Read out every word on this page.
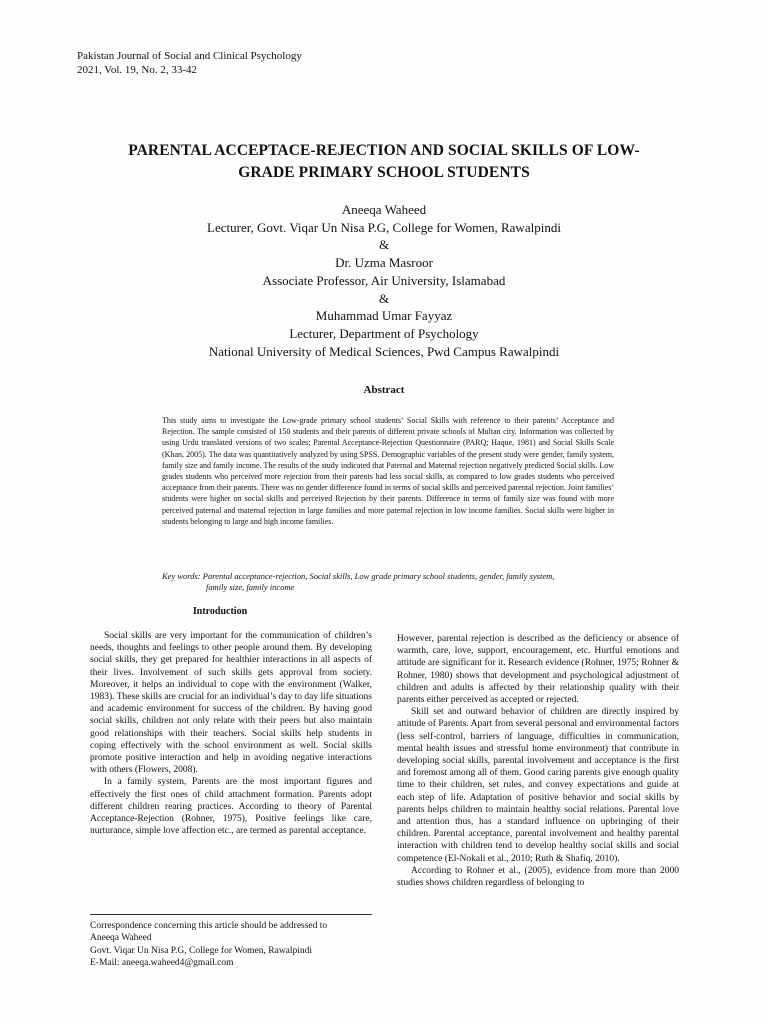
Pakistan Journal of Social and Clinical Psychology
2021, Vol. 19, No. 2, 33-42
PARENTAL ACCEPTACE-REJECTION AND SOCIAL SKILLS OF LOW-
GRADE PRIMARY SCHOOL STUDENTS
Aneeqa Waheed
Lecturer, Govt. Viqar Un Nisa P.G, College for Women, Rawalpindi
&
Dr. Uzma Masroor
Associate Professor, Air University, Islamabad
&
Muhammad Umar Fayyaz
Lecturer, Department of Psychology
National University of Medical Sciences, Pwd Campus Rawalpindi
Abstract
This study aims to investigate the Low-grade primary school students’ Social Skills with reference to their parents’ Acceptance and Rejection. The sample consisted of 150 students and their parents of different private schools of Multan city. Information was collected by using Urdu translated versions of two scales; Parental Acceptance-Rejection Questionnaire (PARQ; Haque, 1981) and Social Skills Scale (Khan, 2005). The data was quantitatively analyzed by using SPSS. Demographic variables of the present study were gender, family system, family size and family income. The results of the study indicated that Paternal and Maternal rejection negatively predicted Social skills. Low grades students who perceived more rejection from their parents had less social skills, as compared to low grades students who perceived acceptance from their parents. There was no gender difference found in terms of social skills and perceived parental rejection. Joint families’ students were higher on social skills and perceived Rejection by their parents. Difference in terms of family size was found with more perceived paternal and maternal rejection in large families and more paternal rejection in low income families. Social skills were higher in students belonging to large and high income families.
Key words: Parental acceptance-rejection, Social skills, Low grade primary school students, gender, family system,
family size, family income
Introduction

Social skills are very important for the communication of children’s needs, thoughts and feelings to other people around them. By developing social skills, they get prepared for healthier interactions in all aspects of their lives. Involvement of such skills gets approval from society. Moreover, it helps an individual to cope with the environment (Walker, 1983). These skills are crucial for an individual’s day to day life situations and academic environment for success of the children. By having good social skills, children not only relate with their peers but also maintain good relationships with their teachers. Social skills help students in coping effectively with the school environment as well. Social skills promote positive interaction and help in avoiding negative interactions with others (Flowers, 2008).

In a family system, Parents are the most important figures and effectively the first ones of child attachment formation. Parents adopt different children rearing practices. According to theory of Parental Acceptance-Rejection (Rohner, 1975), Positive feelings like care, nurturance, simple love affection etc., are termed as parental acceptance.

However, parental rejection is described as the deficiency or absence of warmth, care, love, support, encouragement, etc. Hurtful emotions and attitude are significant for it. Research evidence (Rohner, 1975; Rohner & Rohner, 1980) shows that development and psychological adjustment of children and adults is affected by their relationship quality with their parents either perceived as accepted or rejected.

Skill set and outward behavior of children are directly inspired by attitude of Parents. Apart from several personal and environmental factors (less self-control, barriers of language, difficulties in communication, mental health issues and stressful home environment) that contribute in developing social skills, parental involvement and acceptance is the first and foremost among all of them. Good caring parents give enough quality time to their children, set rules, and convey expectations and guide at each step of life. Adaptation of positive behavior and social skills by parents helps children to maintain healthy social relations. Parental love and attention thus, has a standard influence on upbringing of their children. Parental acceptance, parental involvement and healthy parental interaction with children tend to develop healthy social skills and social competence (El-Nokali et al., 2010; Ruth & Shafiq, 2010).

According to Rohner et al., (2005), evidence from more than 2000 studies shows children regardless of belonging to

Correspondence concerning this article should be addressed to
Aneeqa Waheed
Govt. Viqar Un Nisa P.G, College for Women, Rawalpindi
E-Mail: aneeqa.waheed4@gmail.com
